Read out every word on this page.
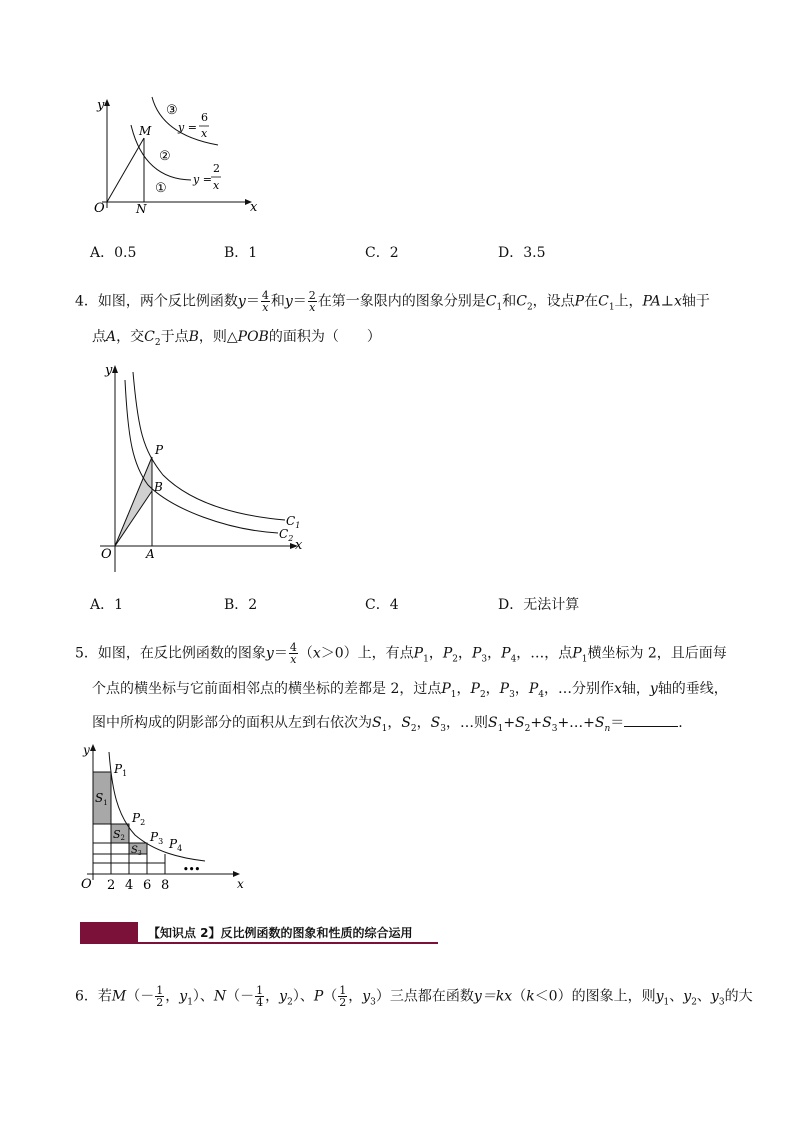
y
x
O
M
N
①
②
③
y =
6
x
y =
2
x
A．0.5	B．1	C．2	D．3.5
4．如图，两个反比例函数$y= \frac{4}{x}$ 和$y= \frac{2}{x}$ 在第一象限内的图象分别是$C_1$和$C_2$，设点P在$C_1$上，PA⊥x轴于
点A，交$C_2$于点B，则△POB的面积为（　　）
y
x
O
P
B
A
$C_1$
$C_2$
A．1	B．2	C．4	D．无法计算
5．如图，在反比例函数的图象$y= \frac{4}{x} (x>0)$上，有点$P_1$，$P_2$，$P_3$，$P_4$，…，点$P_1$横坐标为 2，且后面每
个点的横坐标与它前面相邻点的横坐标的差都是 2，过点$P_1$，$P_2$，$P_3$，$P_4$，…分别作x轴，y轴的垂线，
图中所构成的阴影部分的面积从左到右依次为$S_1$，$S_2$，$S_3$，…则$S_1+S_2+S_3+\dots+S_n=$	.
y
x
O 2 4 6 8
•••
$P_1$
$P_2$
$P_3$ $P_4$
$S_1$
S2
$S_3$
【知识点 2】反比例函数的图象和性质的综合运用
6．若$M(- \frac{1}{2}$ ，$y_1$）、$N(- \frac{1}{4}$ ，$y_2$）、$P( \frac{1}{2}$ ，$y_3$）三点都在函数y＝kx（k＜0）的图象上，则$y_1$、$y_2$、$y_3$的大
